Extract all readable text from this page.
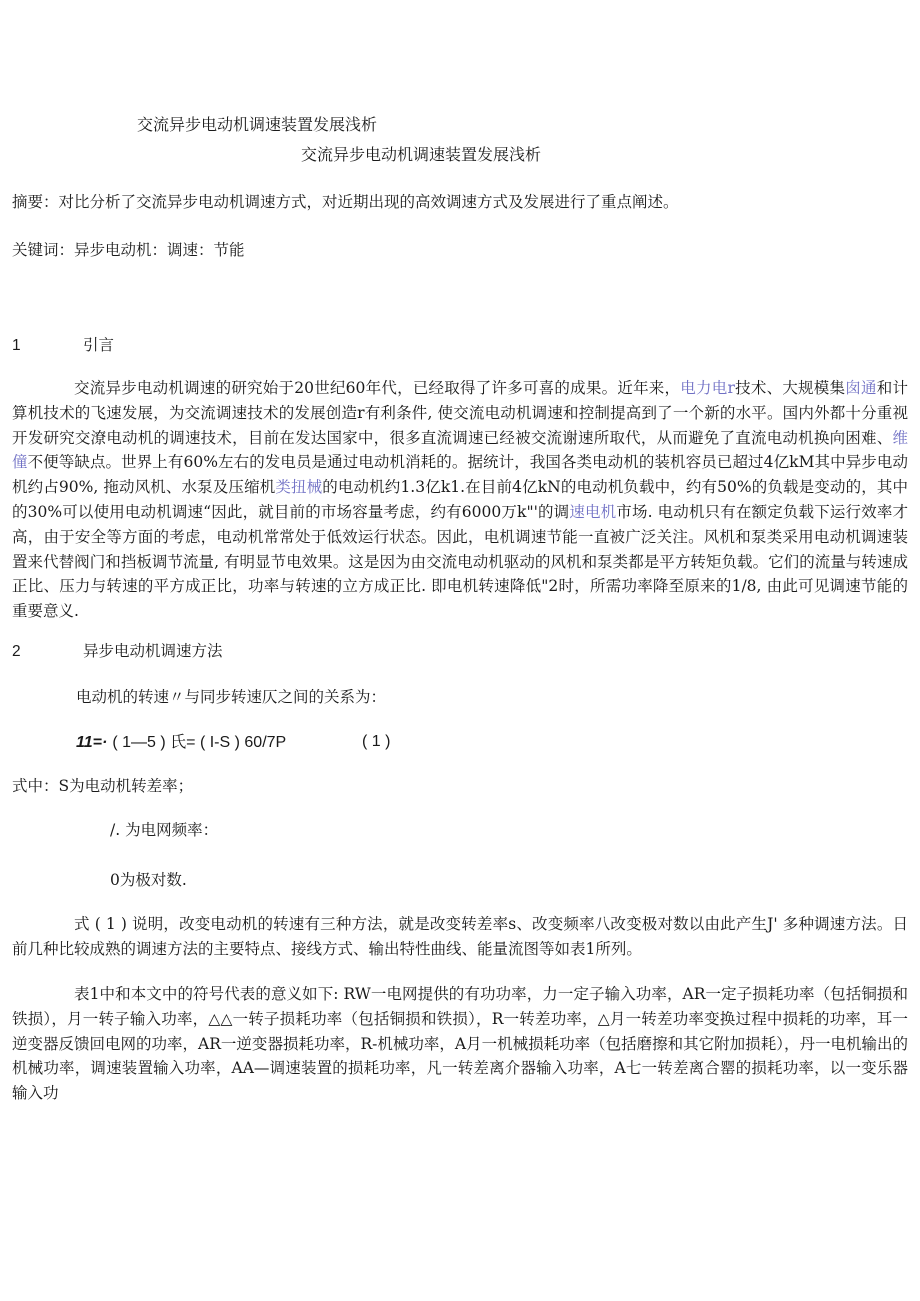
交流异步电动机调速装置发展浅析
交流异步电动机调速装置发展浅析
摘要：对比分析了交流异步电动机调速方式，对近期出现的高效调速方式及发展进行了重点阐述。
关键词：异步电动机：调速：节能
1	引言
交流异步电动机调速的研究始于20世纪60年代，已经取得了许多可喜的成果。近年来，电力电r技术、大规模集囱通和计算机技术的飞速发展，为交流调速技术的发展创造r有利条件, 使交流电动机调速和控制提高到了一个新的水平。国内外都十分重视开发研究交潦电动机的调速技术，目前在发达国家中，很多直流调速已经被交流谢速所取代，从而避免了直流电动机换向困难、维僮不便等缺点。世界上有60%左右的发电员是通过电动机消耗的。据统计，我国各类电动机的装机容员已超过4亿kM其中异步电动机约占90%, 拖动风机、水泵及压缩机类扭械的电动机约1.3亿k1.在目前4亿kN的电动机负载中，约有50%的负载是变动的，其中的30%可以使用电动机调速“因此，就目前的市场容量考虑，约有6000万k"'的调速电机市场. 电动机只有在额定负载下运行效率才高，由于安全等方面的考虑，电动机常常处于低效运行状态。因此，电机调速节能一直被广泛关注。风机和泵类采用电动机调速装置来代替阀门和挡板调节流量, 有明显节电效果。这是因为由交流电动机驱动的风机和泵类都是平方转矩负载。它们的流量与转速成正比、压力与转速的平方成正比，功率与转速的立方成正比. 即电机转速降低"2时，所需功率降至原来的1/8, 由此可见调速节能的重要意义.
2	异步电动机调速方法
电动机的转速〃与同步转速仄之间的关系为：
11=· ( 1—5 ) 氏= ( I-S ) 60/7P	( 1 )
式中：S为电动机转差率；
/. 为电网频率：
0为极对数.
式 ( 1 ) 说明，改变电动机的转速有三种方法，就是改变转差率s、改变频率八改变极对数以由此产生J' 多种调速方法。日前几种比较成熟的调速方法的主要特点、接线方式、输出特性曲线、能量流图等如表1所列。
表1中和本文中的符号代表的意义如下: RW一电网提供的有功功率，力一定子输入功率，AR一定子损耗功率（包括铜损和铁损），月一转子输入功率，△△一转子损耗功率（包括铜损和铁损），R一转差功率，△月一转差功率变换过程中损耗的功率，耳一逆变器反馈回电网的功率，AR一逆变器损耗功率，R-机械功率，A月一机械损耗功率（包括磨擦和其它附加损耗），丹一电机输出的机械功率，调速装置输入功率，AA—调速装置的损耗功率，凡一转差离介器输入功率，A七一转差离合罂的损耗功率，以一变乐器输入功
